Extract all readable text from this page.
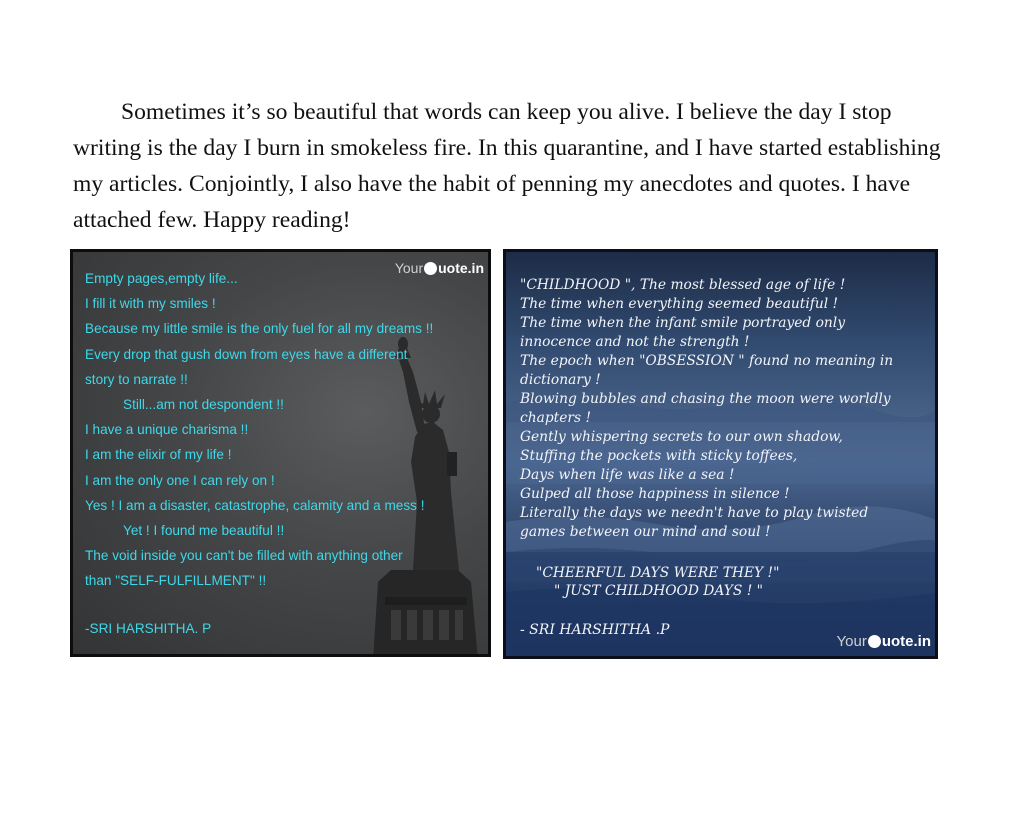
Sometimes it’s so beautiful that words can keep you alive. I believe the day I stop writing is the day I burn in smokeless fire. In this quarantine, and I have started establishing my articles. Conjointly, I also have the habit of penning my anecdotes and quotes. I have attached few. Happy reading!

Your uote.in
Empty pages,empty life...
I fill it with my smiles !
Because my little smile is the only fuel for all my dreams !!
Every drop that gush down from eyes have a different
story to narrate !!
Still...am not despondent !!
I have a unique charisma !!
I am the elixir of my life !
I am the only one I can rely on !
Yes ! I am a disaster, catastrophe, calamity and a mess !
Yet ! I found me beautiful !!
The void inside you can't be filled with anything other
than "SELF-FULFILLMENT" !!
-SRI HARSHITHA. P
"CHILDHOOD ", The most blessed age of life !
The time when everything seemed beautiful !
The time when the infant smile portrayed only
innocence and not the strength !
The epoch when "OBSESSION " found no meaning in
dictionary !
Blowing bubbles and chasing the moon were worldly
chapters !
Gently whispering secrets to our own shadow,
Stuffing the pockets with sticky toffees,
Days when life was like a sea !
Gulped all those happiness in silence !
Literally the days we needn't have to play twisted
games between our mind and soul !
"CHEERFUL DAYS WERE THEY !"
" JUST CHILDHOOD DAYS ! "
- SRI HARSHITHA .P
Your uote.in
